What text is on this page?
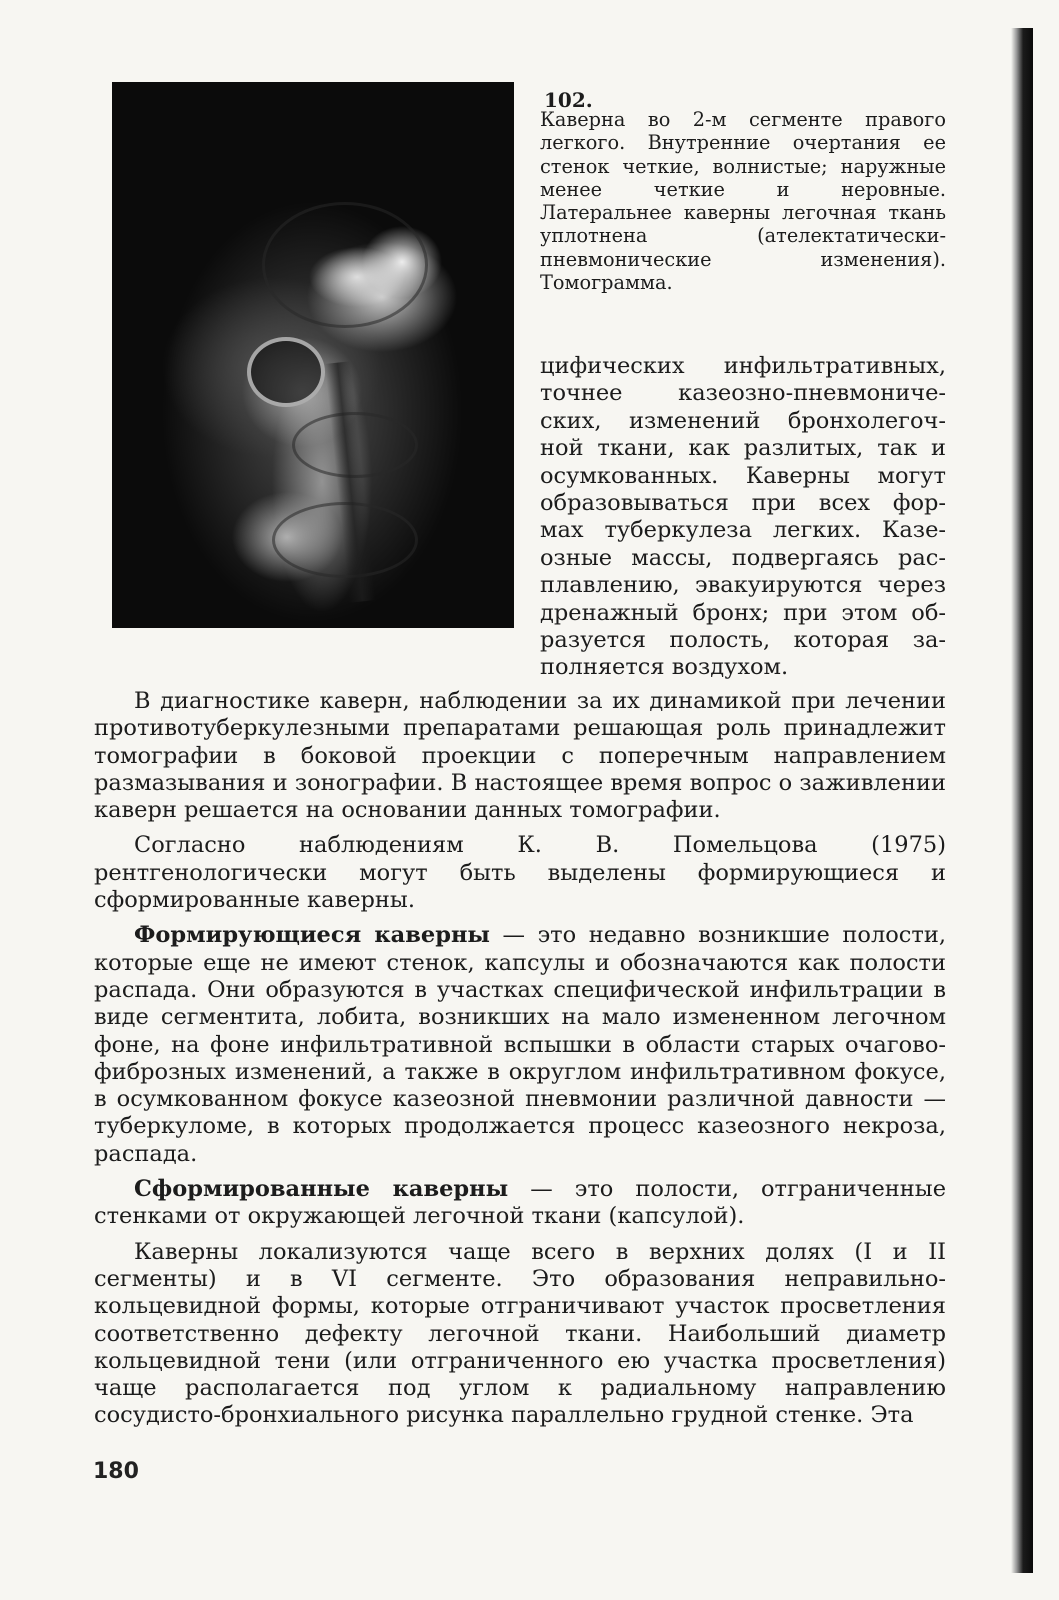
102.
Каверна во 2-м сегменте правого легкого. Внутренние очертания ее стенок четкие, волнистые; наружные менее четкие и неровные. Латеральнее каверны легочная ткань уплотнена (ателектатически-пневмонические изменения). Томограмма.
цифических инфильтративных,
точнее казеозно-пневмониче-
ских, изменений бронхолегоч-
ной ткани, как разлитых, так и
осумкованных. Каверны могут
образовываться при всех фор-
мах туберкулеза легких. Казе-
озные массы, подвергаясь рас-
плавлению, эвакуируются через
дренажный бронх; при этом об-
разуется полость, которая за-
полняется воздухом.

В диагностике каверн, наблюдении за их динамикой при лечении противотуберкулезными препаратами решающая роль принадлежит томографии в боковой проекции с поперечным направлением размазывания и зонографии. В настоящее время вопрос о заживлении каверн решается на основании данных томографии.

Согласно наблюдениям К. В. Помельцова (1975) рентгенологически могут быть выделены формирующиеся и сформированные каверны.

Формирующиеся каверны — это недавно возникшие полости, которые еще не имеют стенок, капсулы и обозначаются как полости распада. Они образуются в участках специфической инфильтрации в виде сегментита, лобита, возникших на мало измененном легочном фоне, на фоне инфильтративной вспышки в области старых очагово-фиброзных изменений, а также в округлом инфильтративном фокусе, в осумкованном фокусе казеозной пневмонии различной давности — туберкуломе, в которых продолжается процесс казеозного некроза, распада.

Сформированные каверны — это полости, отграниченные стенками от окружающей легочной ткани (капсулой).

Каверны локализуются чаще всего в верхних долях (I и II сегменты) и в VI сегменте. Это образования неправильно-кольцевидной формы, которые отграничивают участок просветления соответственно дефекту легочной ткани. Наибольший диаметр кольцевидной тени (или отграниченного ею участка просветления) чаще располагается под углом к радиальному направлению сосудисто-бронхиального рисунка параллельно грудной стенке. Эта

180
